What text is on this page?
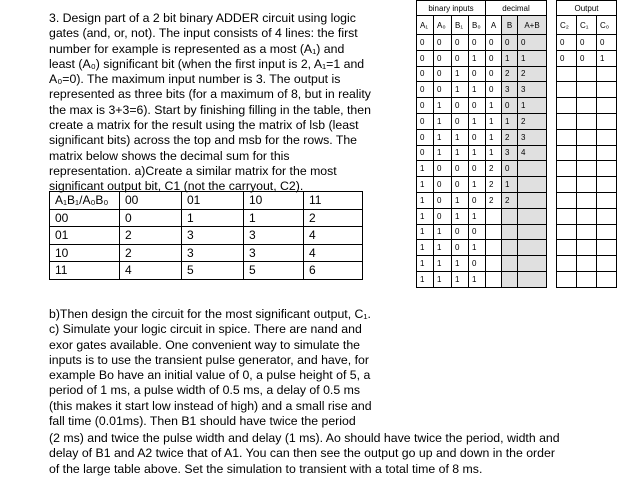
3. Design part of a 2 bit binary ADDER circuit using logic
gates (and, or, not). The input consists of 4 lines: the first
number for example is represented as a most (A₁) and
least (A₀) significant bit (when the first input is 2, A₁=1 and
A₀=0). The maximum input number is 3. The output is
represented as three bits (for a maximum of 8, but in reality
the max is 3+3=6). Start by finishing filling in the table, then
create a matrix for the result using the matrix of lsb (least
significant bits) across the top and msb for the rows. The
matrix below shows the decimal sum for this
representation. a)Create a similar matrix for the most
significant output bit, C1 (not the carryout, C2).
A₁B₁/A₀B₀	00	01	10	11
00	0	1	1	2
01	2	3	3	4
10	2	3	3	4
11	4	5	5	6
b)Then design the circuit for the most significant output, C₁.
c) Simulate your logic circuit in spice. There are nand and
exor gates available. One convenient way to simulate the
inputs is to use the transient pulse generator, and have, for
example Bo have an initial value of 0, a pulse height of 5, a
period of 1 ms, a pulse width of 0.5 ms, a delay of 0.5 ms
(this makes it start low instead of high) and a small rise and
fall time (0.01ms). Then B1 should have twice the period
(2 ms) and twice the pulse width and delay (1 ms). Ao should have twice the period, width and
delay of B1 and A2 twice that of A1. You can then see the output go up and down in the order
of the large table above. Set the simulation to transient with a total time of 8 ms.
binary inputs				decimal				Output		
A₁	A₀	B₁	B₀	A	B	A+B		C₂	C₁	C₀
0	0	0	0	0	0	0		0	0	0
0	0	0	1	0	1	1		0	0	1
0	0	1	0	0	2	2				
0	0	1	1	0	3	3				
0	1	0	0	1	0	1				
0	1	0	1	1	1	2				
0	1	1	0	1	2	3				
0	1	1	1	1	3	4				
1	0	0	0	2	0					
1	0	0	1	2	1					
1	0	1	0	2	2					
1	0	1	1							
1	1	0	0							
1	1	0	1							
1	1	1	0							
1	1	1	1							
